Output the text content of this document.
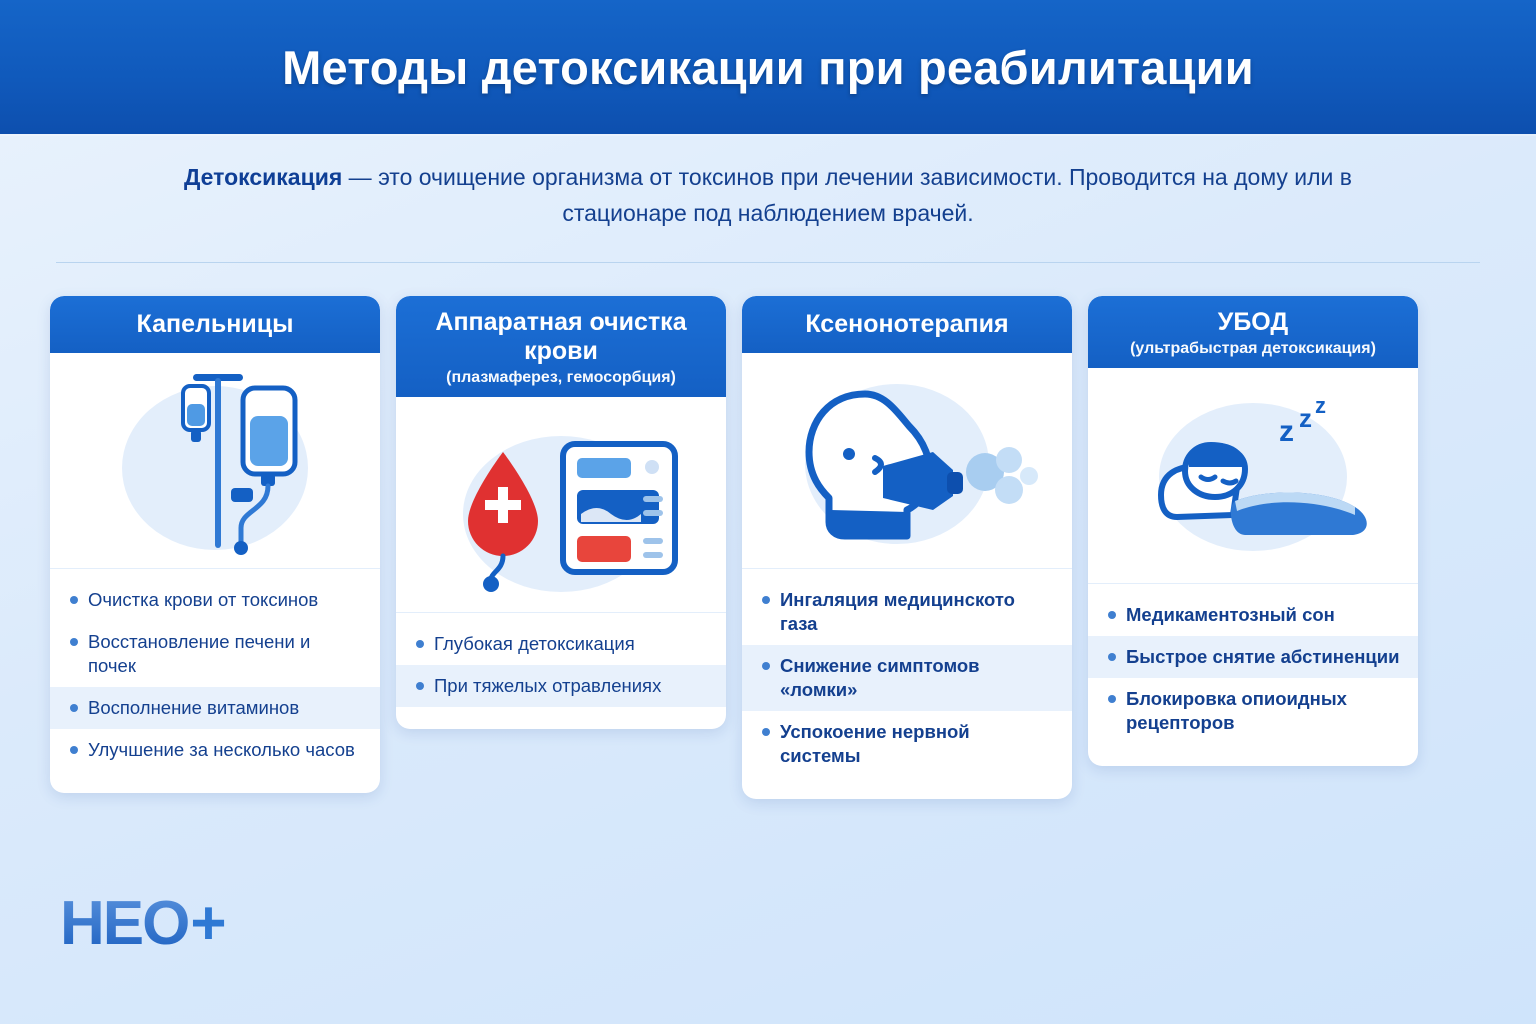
Методы детоксикации при реабилитации
Детоксикация — это очищение организма от токсинов при лечении зависимости. Проводится на дому или в стационаре под наблюдением врачей.
Капельницы
Очистка крови от токсинов
Восстановление печени и почек
Восполнение витаминов
Улучшение за несколько часов
Аппаратная очистка крови
(плазмаферез, гемосорбция)
Глубокая детоксикация
При тяжелых отравлениях
Ксенонотерапия
Ингаляция медицинското газа
Снижение симптомов «ломки»
Успокоение нервной системы
УБОД
(ультрабыстрая детоксикация)
z z z
Медикаментозный сон
Быстрое снятие абстиненции
Блокировка опиоидных рецепторов
HEO +
